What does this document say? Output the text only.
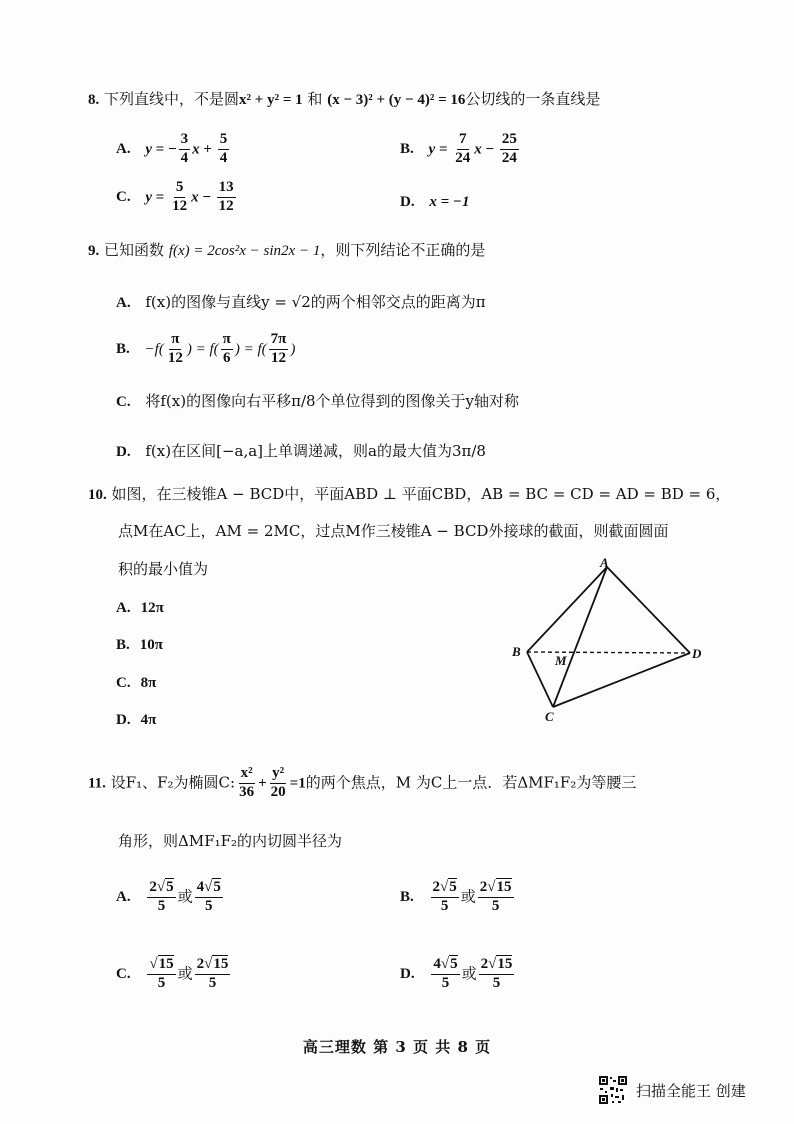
8. 下列直线中，不是圆x² + y² = 1 和 (x − 3)² + (y − 4)² = 16公切线的一条直线是
A. y = − $\frac{3}{4}$ $x + \frac{5}{4}$	B. $y = \frac{7}{24}$ $x - \frac{25}{24}$
C. $y = \frac{5}{12}$ $x - \frac{13}{12}$	D. x = −1
9. 已知函数 f(x) = 2cos²x − sin2x − 1，则下列结论不正确的是
A. f(x)的图像与直线y = √2的两个相邻交点的距离为π
B. $-f( \frac{\pi}{12}$ ) = $f( \frac{\pi}{6}$ ) = $f( \frac{7\pi}{12}$ )
C. 将f(x)的图像向右平移π/8个单位得到的图像关于y轴对称
D. f(x)在区间[−a,a]上单调递减，则a的最大值为3π/8
10. 如图，在三棱锥A − BCD中，平面ABD ⊥ 平面CBD，AB = BC = CD = AD = BD = 6，
点M在AC上，AM = 2MC，过点M作三棱锥A − BCD外接球的截面，则截面圆面
积的最小值为
A. 12π
B. 10π
C. 8π
D. 4π
A
B
C
D
M
11. 设F₁、F₂为椭圆C: $\frac{\text{x²}}{36} + \frac{\text{y²}}{20} =1$的两个焦点，M 为C上一点．若ΔMF₁F₂为等腰三
角形，则ΔMF₁F₂的内切圆半径为
A. $\frac{2√5}{5}$ 或 $\frac{4√5}{5}$	B. $\frac{2√5}{5}$ 或 $\frac{2√15}{5}$
C. $\frac{√15}{5}$ 或 $\frac{2√15}{5}$	D. $\frac{4√5}{5}$ 或 $\frac{2√15}{5}$
高三理数 第 3 页 共 8 页
扫描全能王 创建
